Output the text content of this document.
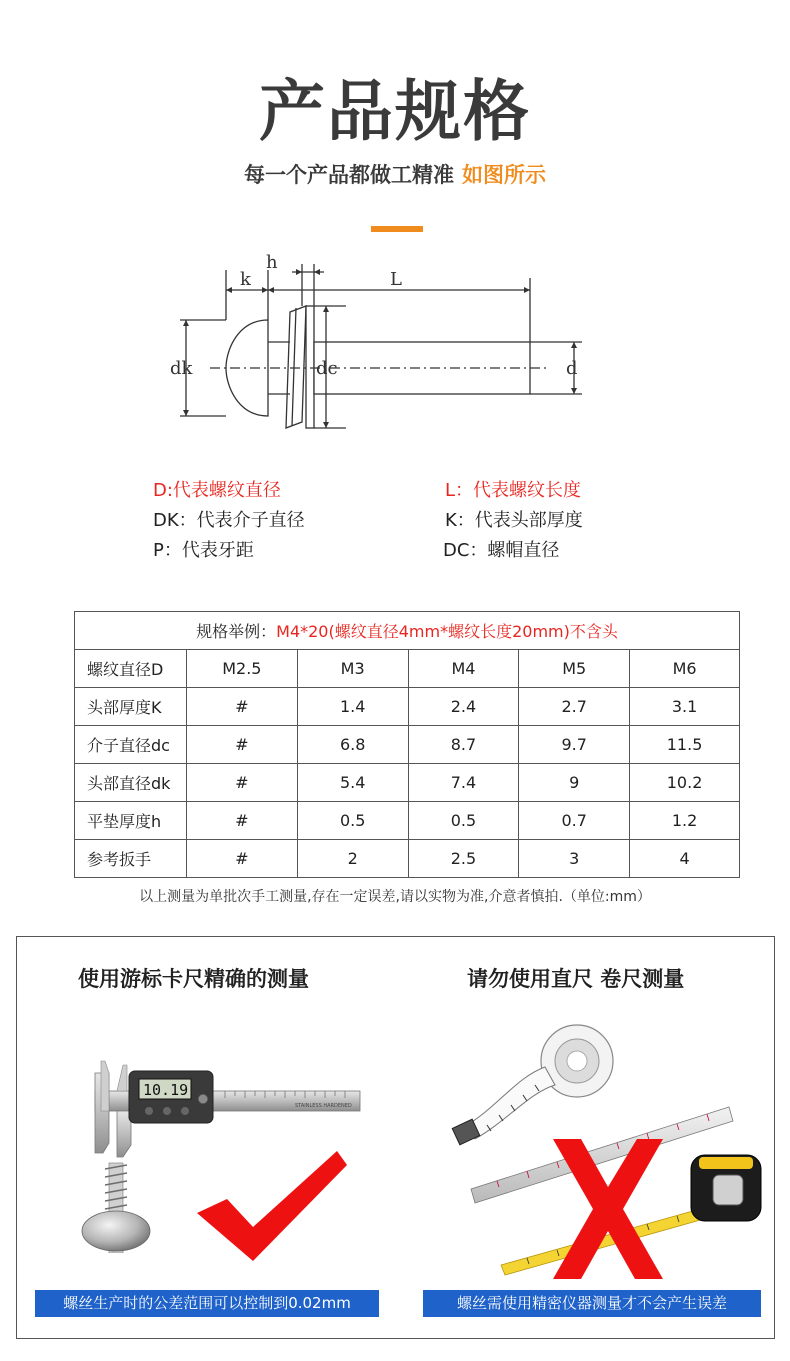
产品规格
每一个产品都做工精准 如图所示
k
h
L
dk	dc	d
D:代表螺纹直径	L：代表螺纹长度
DK：代表介子直径	K：代表头部厚度
P：代表牙距	DC：螺帽直径
规格举例：M4*20(螺纹直径4mm*螺纹长度20mm)不含头					
螺纹直径D	M2.5	M3	M4	M5	M6
头部厚度K	#	1.4	2.4	2.7	3.1
介子直径dc	#	6.8	8.7	9.7	11.5
头部直径dk	#	5.4	7.4	9	10.2
平垫厚度h	#	0.5	0.5	0.7	1.2
参考扳手	#	2	2.5	3	4
以上测量为单批次手工测量,存在一定误差,请以实物为准,介意者慎拍.（单位:mm）
使用游标卡尺精确的测量	请勿使用直尺 卷尺测量
STAINLESS HARDENED
10.19
螺丝生产时的公差范围可以控制到0.02mm	螺丝需使用精密仪器测量才不会产生误差
